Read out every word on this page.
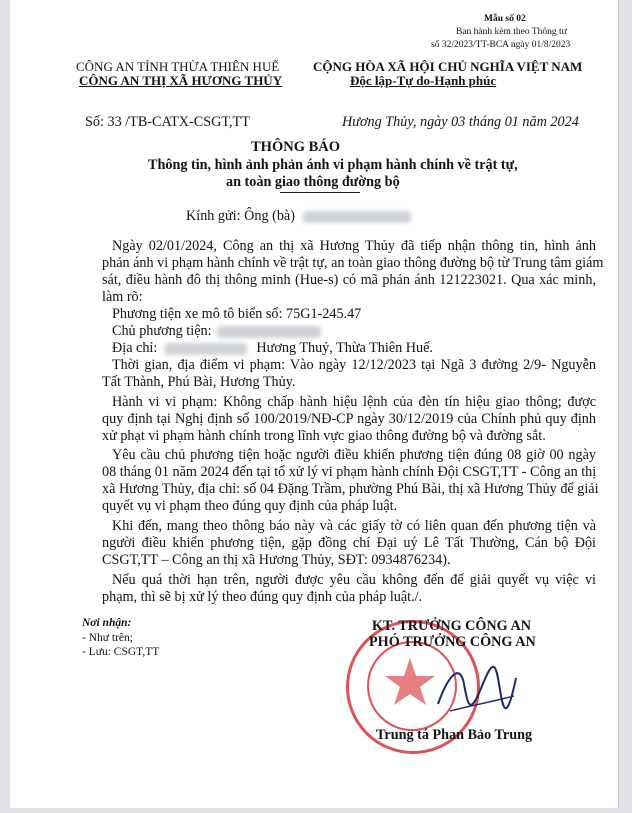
Mẫu số 02
Ban hành kèm theo Thông tư
số 32/2023/TT-BCA ngày 01/8/2023
CÔNG AN TỈNH THỪA THIÊN HUẾ
CÔNG AN THỊ XÃ HƯƠNG THỦY
CỘNG HÒA XÃ HỘI CHỦ NGHĨA VIỆT NAM
Độc lập-Tự do-Hạnh phúc
Số: 33 /TB-CATX-CSGT,TT	Hương Thủy, ngày 03 tháng 01 năm 2024
THÔNG BÁO
Thông tin, hình ảnh phản ánh vi phạm hành chính về trật tự,
an toàn giao thông đường bộ
Kính gửi: Ông (bà)
Ngày 02/01/2024, Công an thị xã Hương Thủy đã tiếp nhận thông tin, hình ảnh
phản ánh vi phạm hành chính về trật tự, an toàn giao thông đường bộ từ Trung tâm giám
sát, điều hành đô thị thông minh (Hue-s) có mã phản ánh 121223021. Qua xác minh,
làm rõ:
Phương tiện xe mô tô biển số: 75G1-245.47
Chủ phương tiện:
Địa chỉ:	Hương Thuỷ, Thừa Thiên Huế.
Thời gian, địa điểm vi phạm: Vào ngày 12/12/2023 tại Ngã 3 đường 2/9- Nguyễn
Tất Thành, Phú Bài, Hương Thủy.
Hành vi vi phạm: Không chấp hành hiệu lệnh của đèn tín hiệu giao thông; được
quy định tại Nghị định số 100/2019/NĐ-CP ngày 30/12/2019 của Chính phủ quy định
xử phạt vi phạm hành chính trong lĩnh vực giao thông đường bộ và đường sắt.
Yêu cầu chủ phương tiện hoặc người điều khiển phương tiện đúng 08 giờ 00 ngày
08 tháng 01 năm 2024 đến tại tổ xử lý vi phạm hành chính Đội CSGT,TT - Công an thị
xã Hương Thủy, địa chỉ: số 04 Đặng Trầm, phường Phú Bài, thị xã Hương Thủy để giải
quyết vụ vi phạm theo đúng quy định của pháp luật.
Khi đến, mang theo thông báo này và các giấy tờ có liên quan đến phương tiện và
người điều khiển phương tiện, gặp đồng chí Đại uý Lê Tất Thường, Cán bộ Đội
CSGT,TT – Công an thị xã Hương Thủy, SĐT: 0934876234).
Nếu quá thời hạn trên, người được yêu cầu không đến để giải quyết vụ việc vi
phạm, thì sẽ bị xử lý theo đúng quy định của pháp luật./.
Nơi nhận:
- Như trên;
- Lưu: CSGT,TT
KT. TRƯỞNG CÔNG AN
PHÓ TRƯỞNG CÔNG AN
Trung tá Phan Bảo Trung
